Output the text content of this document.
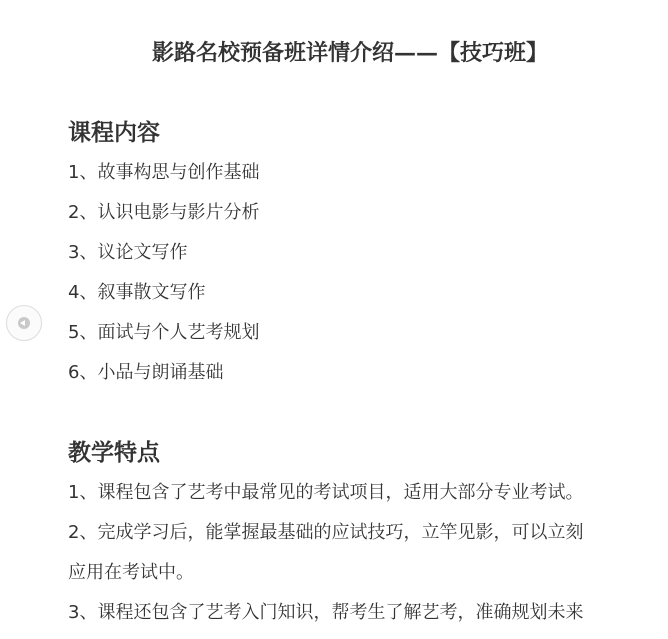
影路名校预备班详情介绍——【技巧班】
课程内容
1、故事构思与创作基础
2、认识电影与影片分析
3、议论文写作
4、叙事散文写作
5、面试与个人艺考规划
6、小品与朗诵基础
教学特点
1、课程包含了艺考中最常见的考试项目，适用大部分专业考试。
2、完成学习后，能掌握最基础的应试技巧，立竿见影，可以立刻
应用在考试中。
3、课程还包含了艺考入门知识，帮考生了解艺考，准确规划未来
